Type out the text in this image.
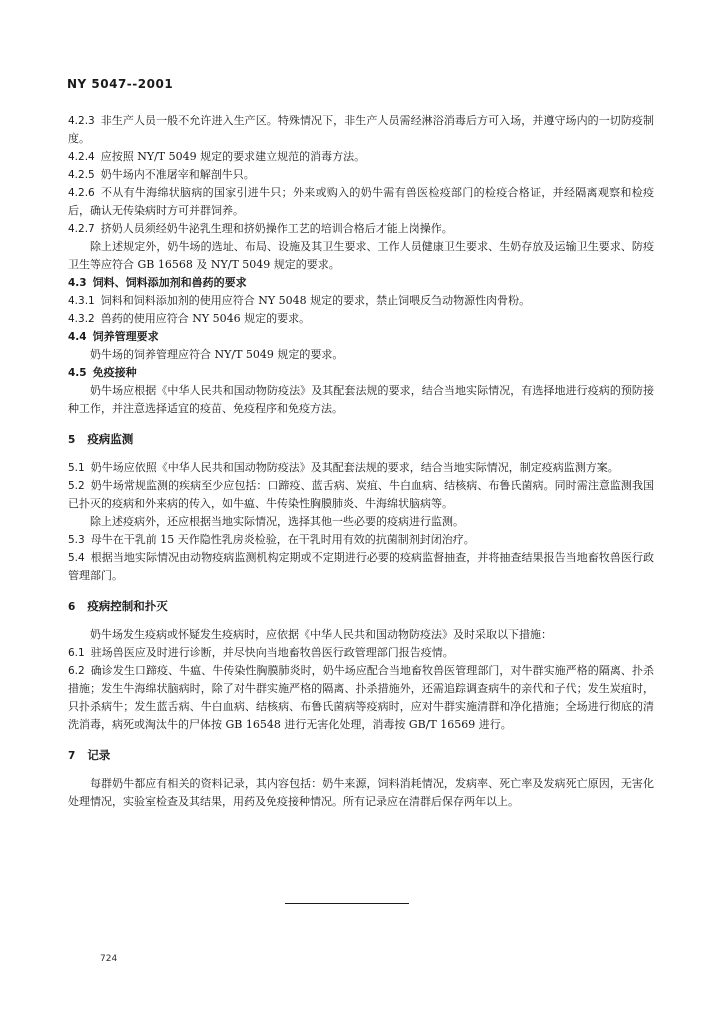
NY 5047--2001
4.2.3 非生产人员一般不允许进入生产区。特殊情况下，非生产人员需经淋浴消毒后方可入场，并遵守场内的一切防疫制度。
4.2.4 应按照 NY/T 5049 规定的要求建立规范的消毒方法。
4.2.5 奶牛场内不准屠宰和解剖牛只。
4.2.6 不从有牛海绵状脑病的国家引进牛只；外来或购入的奶牛需有兽医检疫部门的检疫合格证，并经隔离观察和检疫后，确认无传染病时方可并群饲养。
4.2.7 挤奶人员须经奶牛泌乳生理和挤奶操作工艺的培训合格后才能上岗操作。
除上述规定外，奶牛场的选址、布局、设施及其卫生要求、工作人员健康卫生要求、生奶存放及运输卫生要求、防疫卫生等应符合 GB 16568 及 NY/T 5049 规定的要求。
4.3 饲料、饲料添加剂和兽药的要求
4.3.1 饲料和饲料添加剂的使用应符合 NY 5048 规定的要求，禁止饲喂反刍动物源性肉骨粉。
4.3.2 兽药的使用应符合 NY 5046 规定的要求。
4.4 饲养管理要求
奶牛场的饲养管理应符合 NY/T 5049 规定的要求。
4.5 免疫接种
奶牛场应根据《中华人民共和国动物防疫法》及其配套法规的要求，结合当地实际情况，有选择地进行疫病的预防接种工作，并注意选择适宜的疫苗、免疫程序和免疫方法。
5 疫病监测
5.1 奶牛场应依照《中华人民共和国动物防疫法》及其配套法规的要求，结合当地实际情况，制定疫病监测方案。
5.2 奶牛场常规监测的疾病至少应包括：口蹄疫、蓝舌病、炭疽、牛白血病、结核病、布鲁氏菌病。同时需注意监测我国已扑灭的疫病和外来病的传入，如牛瘟、牛传染性胸膜肺炎、牛海绵状脑病等。
除上述疫病外，还应根据当地实际情况，选择其他一些必要的疫病进行监测。
5.3 母牛在干乳前 15 天作隐性乳房炎检验，在干乳时用有效的抗菌制剂封闭治疗。
5.4 根据当地实际情况由动物疫病监测机构定期或不定期进行必要的疫病监督抽查，并将抽查结果报告当地畜牧兽医行政管理部门。
6 疫病控制和扑灭
奶牛场发生疫病或怀疑发生疫病时，应依据《中华人民共和国动物防疫法》及时采取以下措施：
6.1 驻场兽医应及时进行诊断，并尽快向当地畜牧兽医行政管理部门报告疫情。
6.2 确诊发生口蹄疫、牛瘟、牛传染性胸膜肺炎时，奶牛场应配合当地畜牧兽医管理部门，对牛群实施严格的隔离、扑杀措施；发生牛海绵状脑病时，除了对牛群实施严格的隔离、扑杀措施外，还需追踪调查病牛的亲代和子代；发生炭疽时，只扑杀病牛；发生蓝舌病、牛白血病、结核病、布鲁氏菌病等疫病时，应对牛群实施清群和净化措施；全场进行彻底的清洗消毒，病死或淘汰牛的尸体按 GB 16548 进行无害化处理，消毒按 GB/T 16569 进行。
7 记录
每群奶牛都应有相关的资料记录，其内容包括：奶牛来源，饲料消耗情况，发病率、死亡率及发病死亡原因，无害化处理情况，实验室检查及其结果，用药及免疫接种情况。所有记录应在清群后保存两年以上。
724
